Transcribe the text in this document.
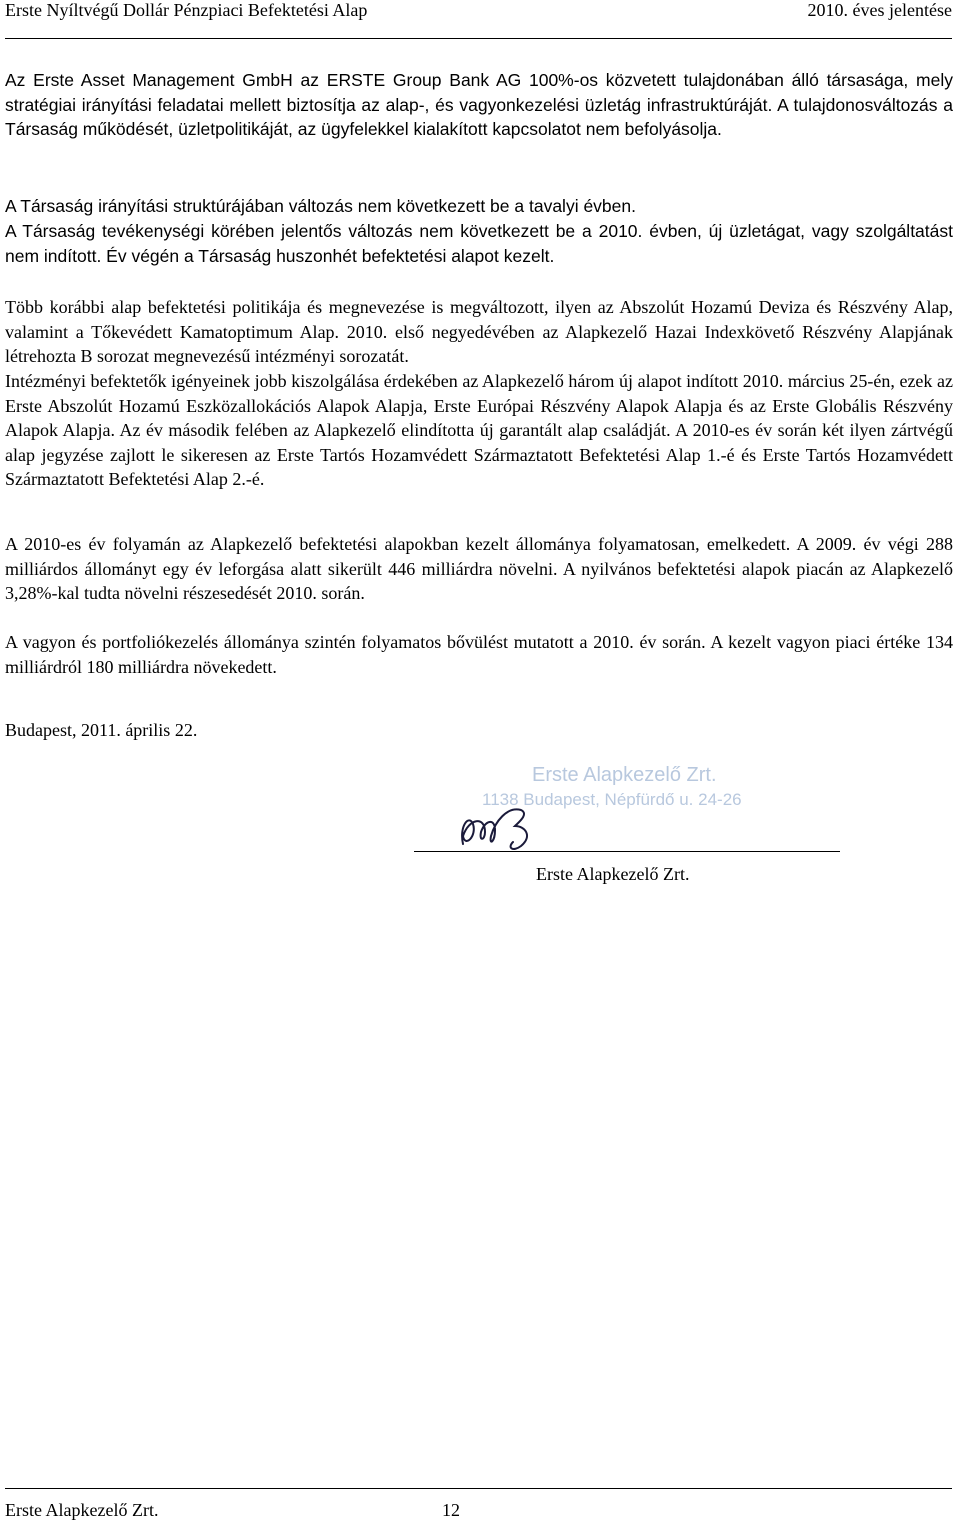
Erste Nyíltvégű Dollár Pénzpiaci Befektetési Alap	2010. éves jelentése

Az Erste Asset Management GmbH az ERSTE Group Bank AG 100%-os közvetett tulajdonában álló társasága, mely stratégiai irányítási feladatai mellett biztosítja az alap-, és vagyonkezelési üzletág infrastruktúráját. A tulajdonosváltozás a Társaság működését, üzletpolitikáját, az ügyfelekkel kialakított kapcsolatot nem befolyásolja.

A Társaság irányítási struktúrájában változás nem következett be a tavalyi évben.

A Társaság tevékenységi körében jelentős változás nem következett be a 2010. évben, új üzletágat, vagy szolgáltatást nem indított. Év végén a Társaság huszonhét befektetési alapot kezelt.

Több korábbi alap befektetési politikája és megnevezése is megváltozott, ilyen az Abszolút Hozamú Deviza és Részvény Alap, valamint a Tőkevédett Kamatoptimum Alap. 2010. első negyedévében az Alapkezelő Hazai Indexkövető Részvény Alapjának létrehozta B sorozat megnevezésű intézményi sorozatát.

Intézményi befektetők igényeinek jobb kiszolgálása érdekében az Alapkezelő három új alapot indított 2010. március 25-én, ezek az Erste Abszolút Hozamú Eszközallokációs Alapok Alapja, Erste Európai Részvény Alapok Alapja és az Erste Globális Részvény Alapok Alapja. Az év második felében az Alapkezelő elindította új garantált alap családját. A 2010-es év során két ilyen zártvégű alap jegyzése zajlott le sikeresen az Erste Tartós Hozamvédett Származtatott Befektetési Alap 1.-é és Erste Tartós Hozamvédett Származtatott Befektetési Alap 2.-é.

A 2010-es év folyamán az Alapkezelő befektetési alapokban kezelt állománya folyamatosan, emelkedett. A 2009. év végi 288 milliárdos állományt egy év leforgása alatt sikerült 446 milliárdra növelni. A nyilvános befektetési alapok piacán az Alapkezelő 3,28%-kal tudta növelni részesedését 2010. során.

A vagyon és portfoliókezelés állománya szintén folyamatos bővülést mutatott a 2010. év során. A kezelt vagyon piaci értéke 134 milliárdról 180 milliárdra növekedett.

Budapest, 2011. április 22.

Erste Alapkezelő Zrt.
1138 Budapest, Népfürdő u. 24-26
Erste Alapkezelő Zrt.
Erste Alapkezelő Zrt.	12
